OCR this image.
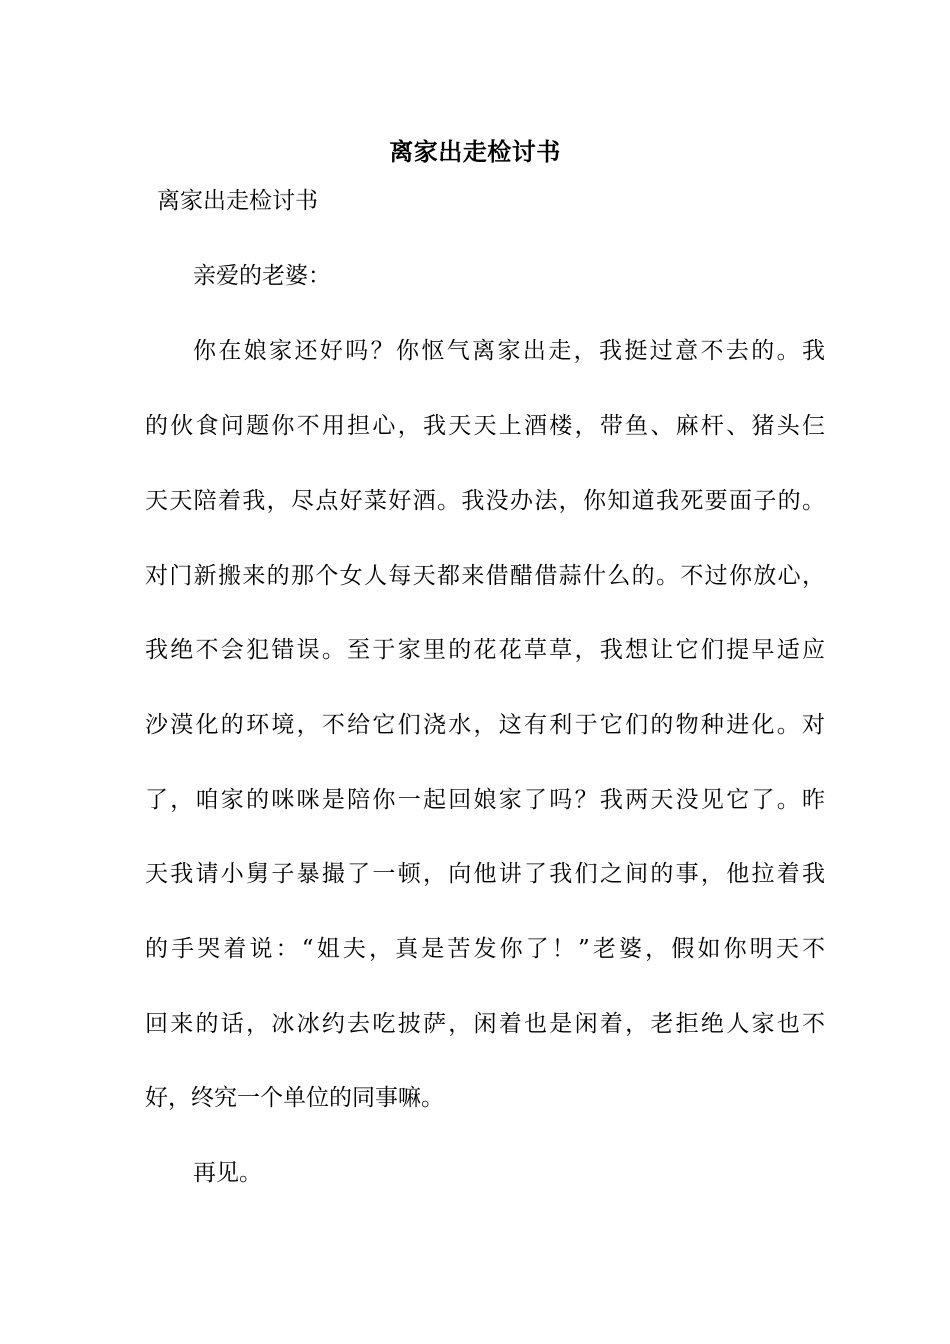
离家出走检讨书
离家出走检讨书
亲爱的老婆：
你在娘家还好吗？你怄气离家出走，我挺过意不去的。我
的伙食问题你不用担心，我天天上酒楼，带鱼、麻杆、猪头仨
天天陪着我，尽点好菜好酒。我没办法，你知道我死要面子的。
对门新搬来的那个女人每天都来借醋借蒜什么的。不过你放心，
我绝不会犯错误。至于家里的花花草草，我想让它们提早适应
沙漠化的环境，不给它们浇水，这有利于它们的物种进化。对
了，咱家的咪咪是陪你一起回娘家了吗？我两天没见它了。昨
天我请小舅子暴撮了一顿，向他讲了我们之间的事，他拉着我
的手哭着说：“姐夫，真是苦发你了！”老婆，假如你明天不
回来的话，冰冰约去吃披萨，闲着也是闲着，老拒绝人家也不
好，终究一个单位的同事嘛。
再见。
